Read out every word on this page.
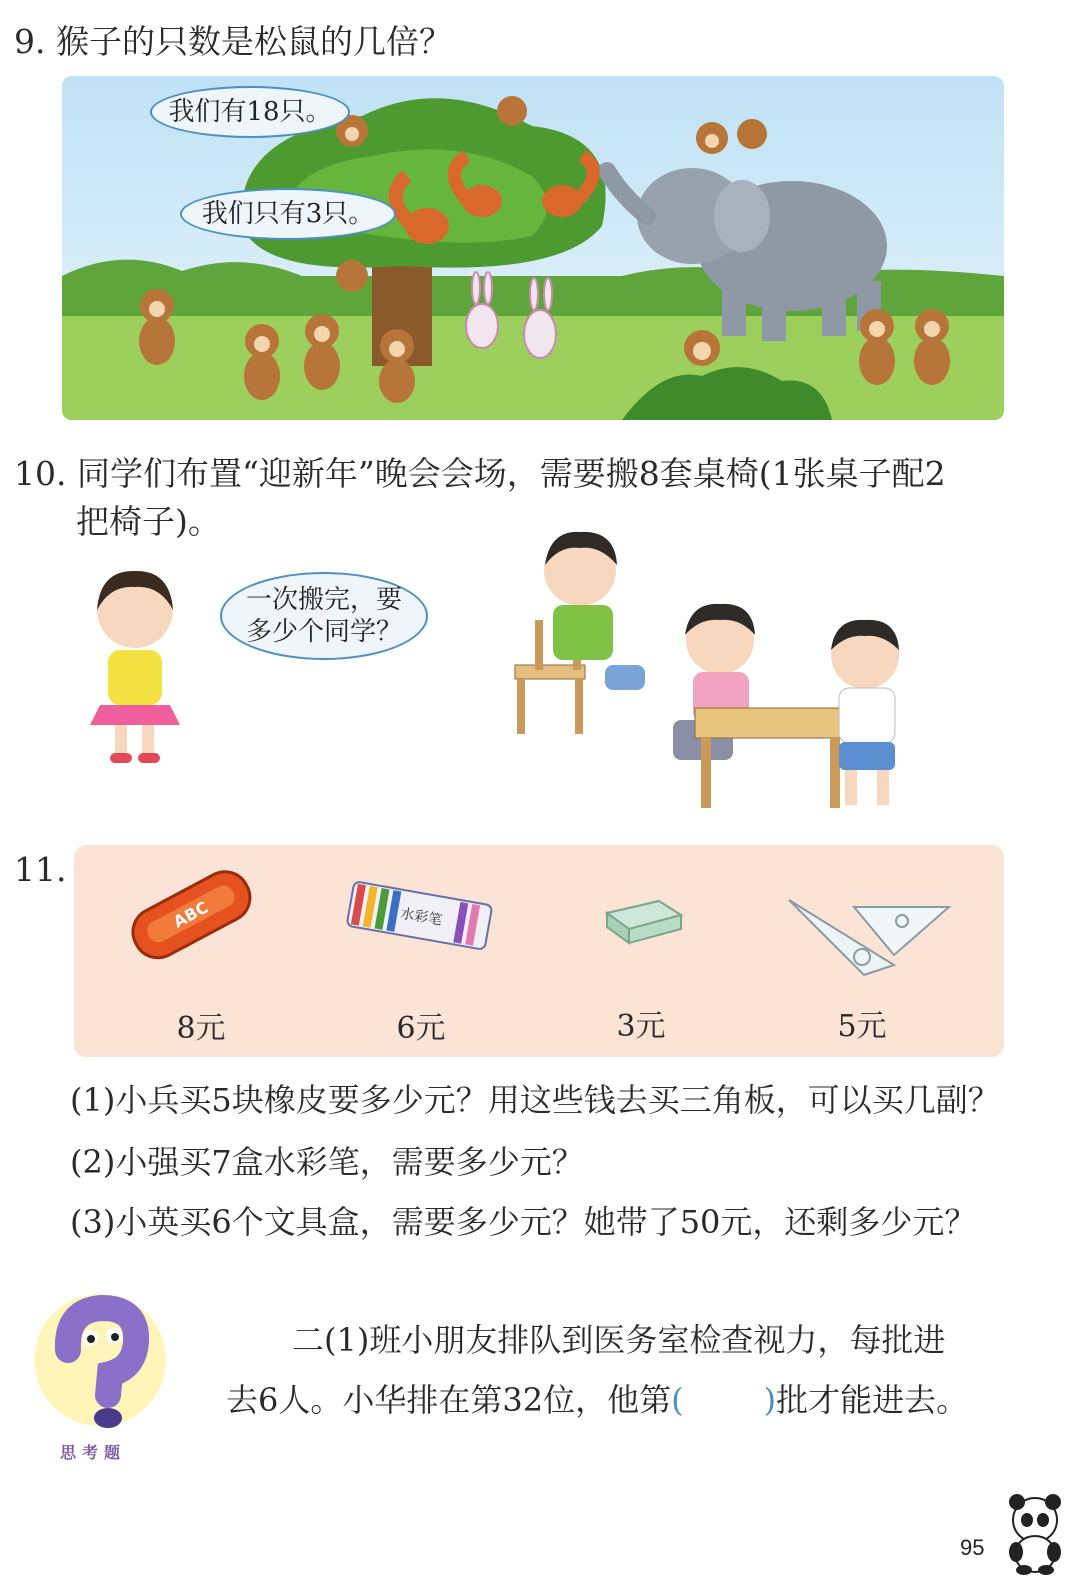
9. 猴子的只数是松鼠的几倍？
我们有18只。
我们只有3只。
10. 同学们布置“迎新年”晚会会场，需要搬8套桌椅(1张桌子配2
把椅子)。
一次搬完，要
多少个同学？
11.
ABC	水彩笔
8元	6元	3元	5元
(1)小兵买5块橡皮要多少元？用这些钱去买三角板，可以买几副？
(2)小强买7盒水彩笔，需要多少元？
(3)小英买6个文具盒，需要多少元？她带了50元，还剩多少元？
思考题
二(1)班小朋友排队到医务室检查视力，每批进
去6人。小华排在第32位，他第(	)批才能进去。
95
